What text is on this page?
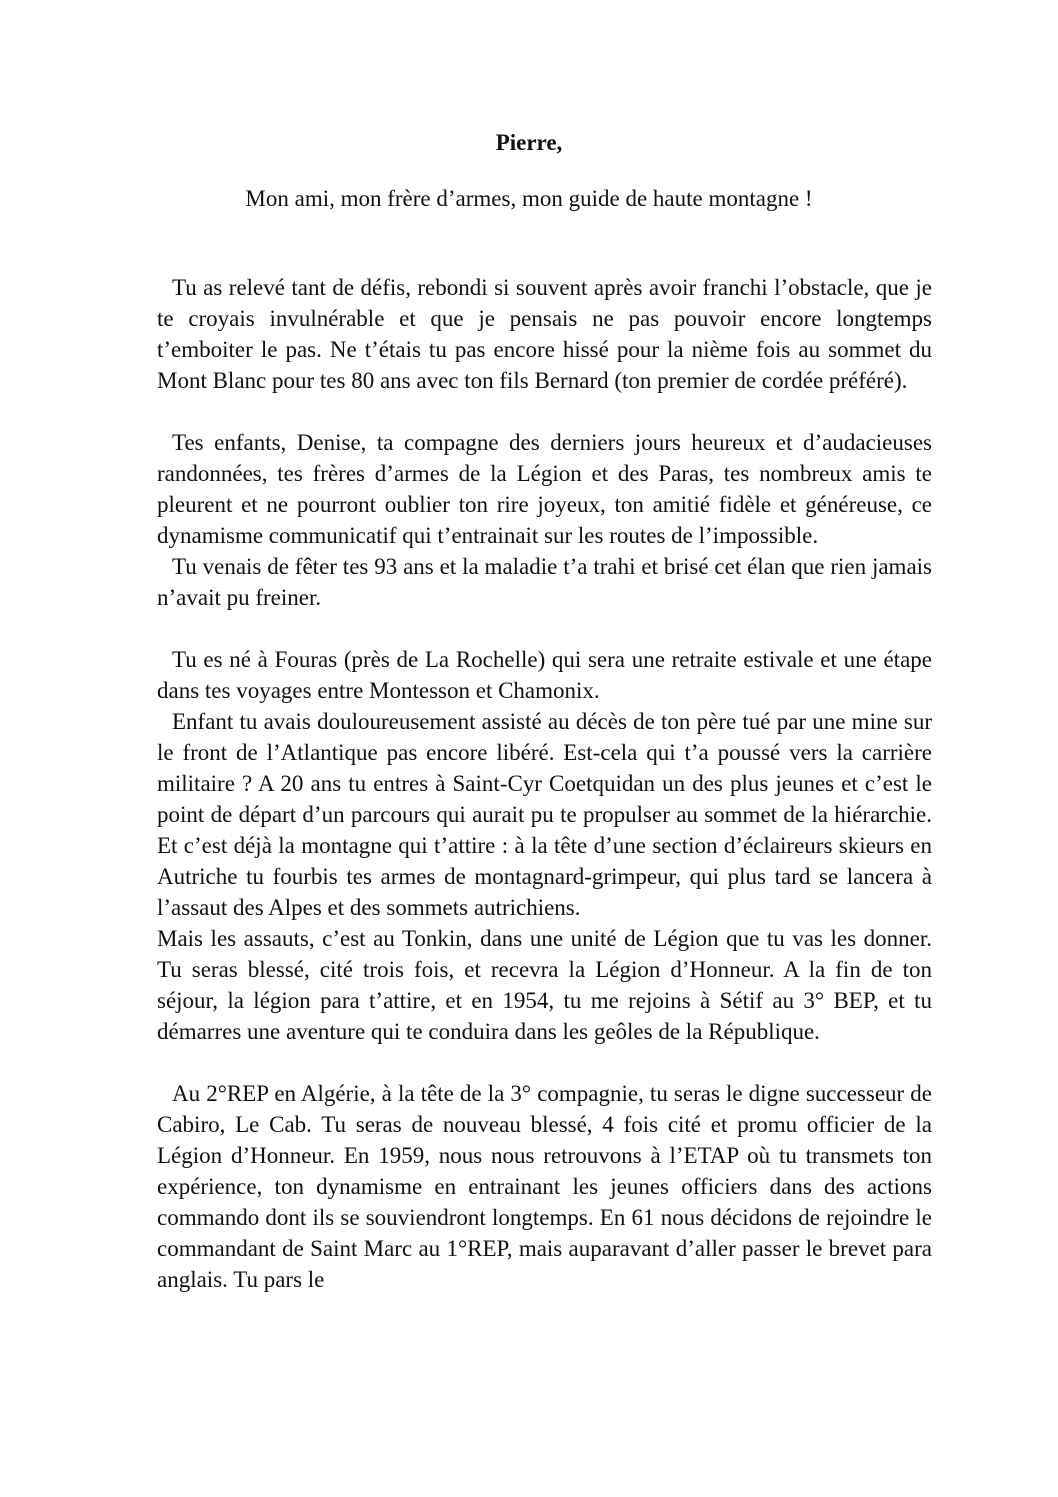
Pierre,

Mon ami, mon frère d’armes, mon guide de haute montagne !

Tu as relevé tant de défis, rebondi si souvent après avoir franchi l’obstacle, que je te croyais invulnérable et que je pensais ne pas pouvoir encore longtemps t’emboiter le pas. Ne t’étais tu pas encore hissé pour la nième fois au sommet du Mont Blanc pour tes 80 ans avec ton fils Bernard (ton premier de cordée préféré).

Tes enfants, Denise, ta compagne des derniers jours heureux et d’audacieuses randonnées, tes frères d’armes de la Légion et des Paras, tes nombreux amis te pleurent et ne pourront oublier ton rire joyeux, ton amitié fidèle et généreuse, ce dynamisme communicatif qui t’entrainait sur les routes de l’impossible.

Tu venais de fêter tes 93 ans et la maladie t’a trahi et brisé cet élan que rien jamais n’avait pu freiner.

Tu es né à Fouras (près de La Rochelle) qui sera une retraite estivale et une étape dans tes voyages entre Montesson et Chamonix.

Enfant tu avais douloureusement assisté au décès de ton père tué par une mine sur le front de l’Atlantique pas encore libéré. Est-cela qui t’a poussé vers la carrière militaire ? A 20 ans tu entres à Saint-Cyr Coetquidan un des plus jeunes et c’est le point de départ d’un parcours qui aurait pu te propulser au sommet de la hiérarchie. Et c’est déjà la montagne qui t’attire : à la tête d’une section d’éclaireurs skieurs en Autriche tu fourbis tes armes de montagnard-grimpeur, qui plus tard se lancera à l’assaut des Alpes et des sommets autrichiens.

Mais les assauts, c’est au Tonkin, dans une unité de Légion que tu vas les donner. Tu seras blessé, cité trois fois, et recevra la Légion d’Honneur. A la fin de ton séjour, la légion para t’attire, et en 1954, tu me rejoins à Sétif au 3° BEP, et tu démarres une aventure qui te conduira dans les geôles de la République.

Au 2°REP en Algérie, à la tête de la 3° compagnie, tu seras le digne successeur de Cabiro, Le Cab. Tu seras de nouveau blessé, 4 fois cité et promu officier de la Légion d’Honneur. En 1959, nous nous retrouvons à l’ETAP où tu transmets ton expérience, ton dynamisme en entrainant les jeunes officiers dans des actions commando dont ils se souviendront longtemps. En 61 nous décidons de rejoindre le commandant de Saint Marc au 1°REP, mais auparavant d’aller passer le brevet para anglais. Tu pars le
